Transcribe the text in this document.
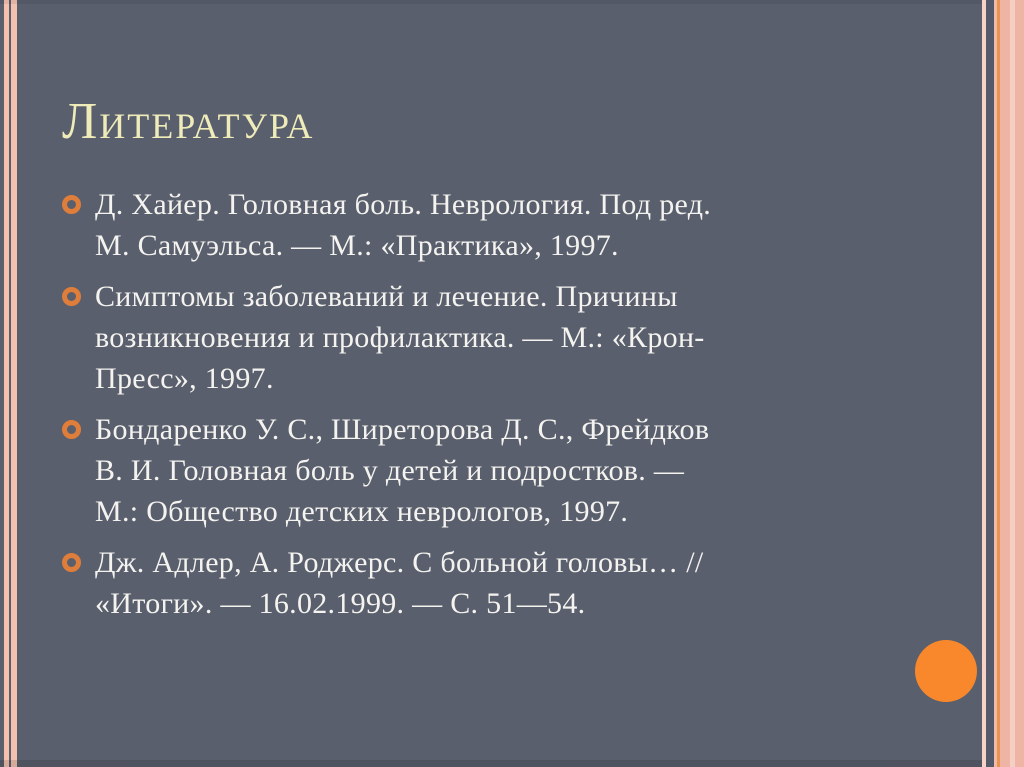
Литература
Д. Хайер. Головная боль. Неврология. Под ред.
М. Самуэльса. — М.: «Практика», 1997.
Симптомы заболеваний и лечение. Причины
возникновения и профилактика. — М.: «Крон-
Пресс», 1997.
Бондаренко У. С., Ширеторова Д. С., Фрейдков
В. И. Головная боль у детей и подростков. —
М.: Общество детских неврологов, 1997.
Дж. Адлер, А. Роджерс. С больной головы… //
«Итоги». — 16.02.1999. — С. 51—54.
